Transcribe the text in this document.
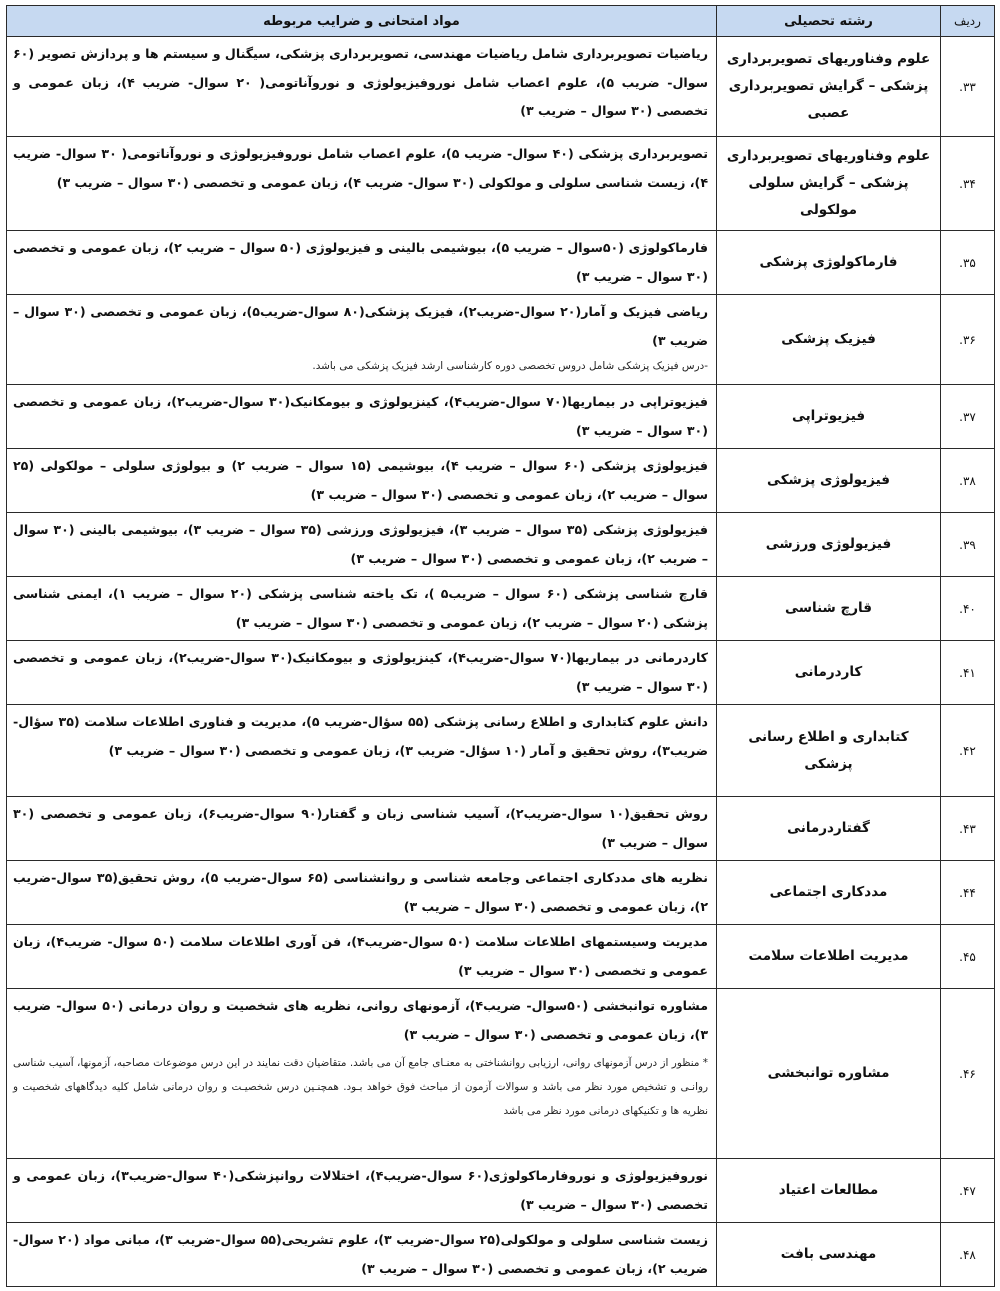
ردیف	رشته تحصیلی	مواد امتحانی و ضرایب مربوطه
۳۳.	علوم وفناوریهای تصویربرداری پزشکی – گرایش تصویربرداری عصبی	ریاضیات تصویربرداری شامل ریاضیات مهندسی، تصویربرداری پزشکی، سیگنال و سیستم ها و پردازش تصویر (۶۰ سوال- ضریب ۵)، علوم اعصاب شامل نوروفیزیولوژی و نوروآناتومی( ۲۰ سوال- ضریب ۴)، زبان عمومی و تخصصی (۳۰ سوال – ضریب ۳)

۳۴.	علوم وفناوریهای تصویربرداری پزشکی – گرایش سلولی مولکولی	تصویربرداری پزشکی (۴۰ سوال- ضریب ۵)، علوم اعصاب شامل نوروفیزیولوژی و نوروآناتومی( ۳۰ سوال- ضریب ۴)، زیست شناسی سلولی و مولکولی (۳۰ سوال- ضریب ۴)، زبان عمومی و تخصصی (۳۰ سوال – ضریب ۳)

۳۵.	فارماکولوژی پزشکی	فارماکولوژی (۵۰سوال – ضریب ۵)، بیوشیمی بالینی و فیزیولوژی (۵۰ سوال – ضریب ۲)، زبان عمومی و تخصصی (۳۰ سوال – ضریب ۳)

۳۶.	فیزیک پزشکی	ریاضی فیزیک و آمار(۲۰ سوال-ضریب۲)، فیزیک پزشکی(۸۰ سوال-ضریب۵)، زبان عمومی و تخصصی (۳۰ سوال – ضریب ۳)
-درس فیزیک پزشکی شامل دروس تخصصی دوره کارشناسی ارشد فیزیک پزشکی می باشد.

۳۷.	فیزیوتراپی	فیزیوتراپی در بیماریها(۷۰ سوال-ضریب۴)، کینزیولوژی و بیومکانیک(۳۰ سوال-ضریب۲)، زبان عمومی و تخصصی (۳۰ سوال – ضریب ۳)

۳۸.	فیزیولوژی پزشکی	فیزیولوژی پزشکی (۶۰ سوال – ضریب ۴)، بیوشیمی (۱۵ سوال – ضریب ۲) و بیولوژی سلولی – مولکولی (۲۵ سوال – ضریب ۲)، زبان عمومی و تخصصی (۳۰ سوال – ضریب ۳)

۳۹.	فیزیولوژی ورزشی	فیزیولوژی پزشکی (۳۵ سوال – ضریب ۳)، فیزیولوژی ورزشی (۳۵ سوال – ضریب ۳)، بیوشیمی بالینی (۳۰ سوال – ضریب ۲)، زبان عمومی و تخصصی (۳۰ سوال – ضریب ۳)

۴۰.	قارچ شناسی	قارچ شناسی پزشکی (۶۰ سوال – ضریب۵ )، تک یاخته شناسی پزشکی (۲۰ سوال – ضریب ۱)، ایمنی شناسی پزشکی (۲۰ سوال – ضریب ۲)، زبان عمومی و تخصصی (۳۰ سوال – ضریب ۳)

۴۱.	کاردرمانی	کاردرمانی در بیماریها(۷۰ سوال-ضریب۴)، کینزیولوژی و بیومکانیک(۳۰ سوال-ضریب۲)، زبان عمومی و تخصصی (۳۰ سوال – ضریب ۳)

۴۲.	کتابداری و اطلاع رسانی پزشکی	دانش علوم کتابداری و اطلاع رسانی پزشکی (۵۵ سؤال-ضریب ۵)، مدیریت و فناوری اطلاعات سلامت (۳۵ سؤال-ضریب۳)، روش تحقیق و آمار (۱۰ سؤال- ضریب ۳)، زبان عمومی و تخصصی (۳۰ سوال – ضریب ۳)

۴۳.	گفتاردرمانی	روش تحقیق(۱۰ سوال-ضریب۲)، آسیب شناسی زبان و گفتار(۹۰ سوال-ضریب۶)، زبان عمومی و تخصصی (۳۰ سوال – ضریب ۳)

۴۴.	مددکاری اجتماعی	نظریه های مددکاری اجتماعی وجامعه شناسی و روانشناسی (۶۵ سوال-ضریب ۵)، روش تحقیق(۳۵ سوال-ضریب ۲)، زبان عمومی و تخصصی (۳۰ سوال – ضریب ۳)

۴۵.	مدیریت اطلاعات سلامت	مدیریت وسیستمهای اطلاعات سلامت (۵۰ سوال-ضریب۴)، فن آوری اطلاعات سلامت (۵۰ سوال- ضریب۴)، زبان عمومی و تخصصی (۳۰ سوال – ضریب ۳)

۴۶.	مشاوره توانبخشی	مشاوره توانبخشی (۵۰سوال- ضریب۴)، آزمونهای روانی، نظریه های شخصیت و روان درمانی (۵۰ سوال- ضریب ۳)، زبان عمومی و تخصصی (۳۰ سوال – ضریب ۳)
* منظور از درس آزمونهای روانی، ارزیابی روانشناختی به معنـای جامع آن می باشد. متقاضیان دقت نمایند در این درس موضوعات مصاحبه، آزمونها، آسیب شناسی روانـی و تشخیص مورد نظر می باشد و سوالات آزمون از مباحث فوق خواهد بـود. همچنـین درس شخصیـت و روان درمانی شامل کلیه دیدگاههای شخصیت و نظریه ها و تکنیکهای درمانی مورد نظر می باشد

۴۷.	مطالعات اعتیاد	نوروفیزیولوژی و نوروفارماکولوژی(۶۰ سوال-ضریب۴)، اختلالات روانپزشکی(۴۰ سوال-ضریب۳)، زبان عمومی و تخصصی (۳۰ سوال – ضریب ۳)

۴۸.	مهندسی بافت	زیست شناسی سلولی و مولکولی(۲۵ سوال-ضریب ۳)، علوم تشریحی(۵۵ سوال-ضریب ۳)، مبانی مواد (۲۰ سوال- ضریب ۲)، زبان عمومی و تخصصی (۳۰ سوال – ضریب ۳)
